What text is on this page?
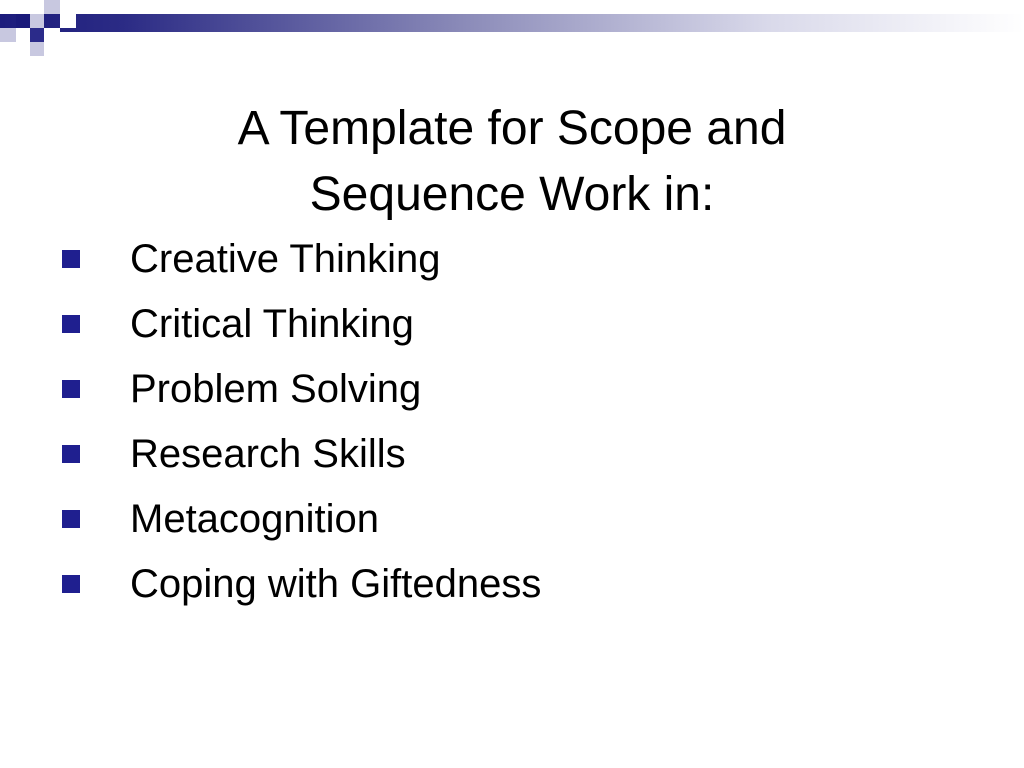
A Template for Scope and
Sequence Work in:
Creative Thinking
Critical Thinking
Problem Solving
Research Skills
Metacognition
Coping with Giftedness
